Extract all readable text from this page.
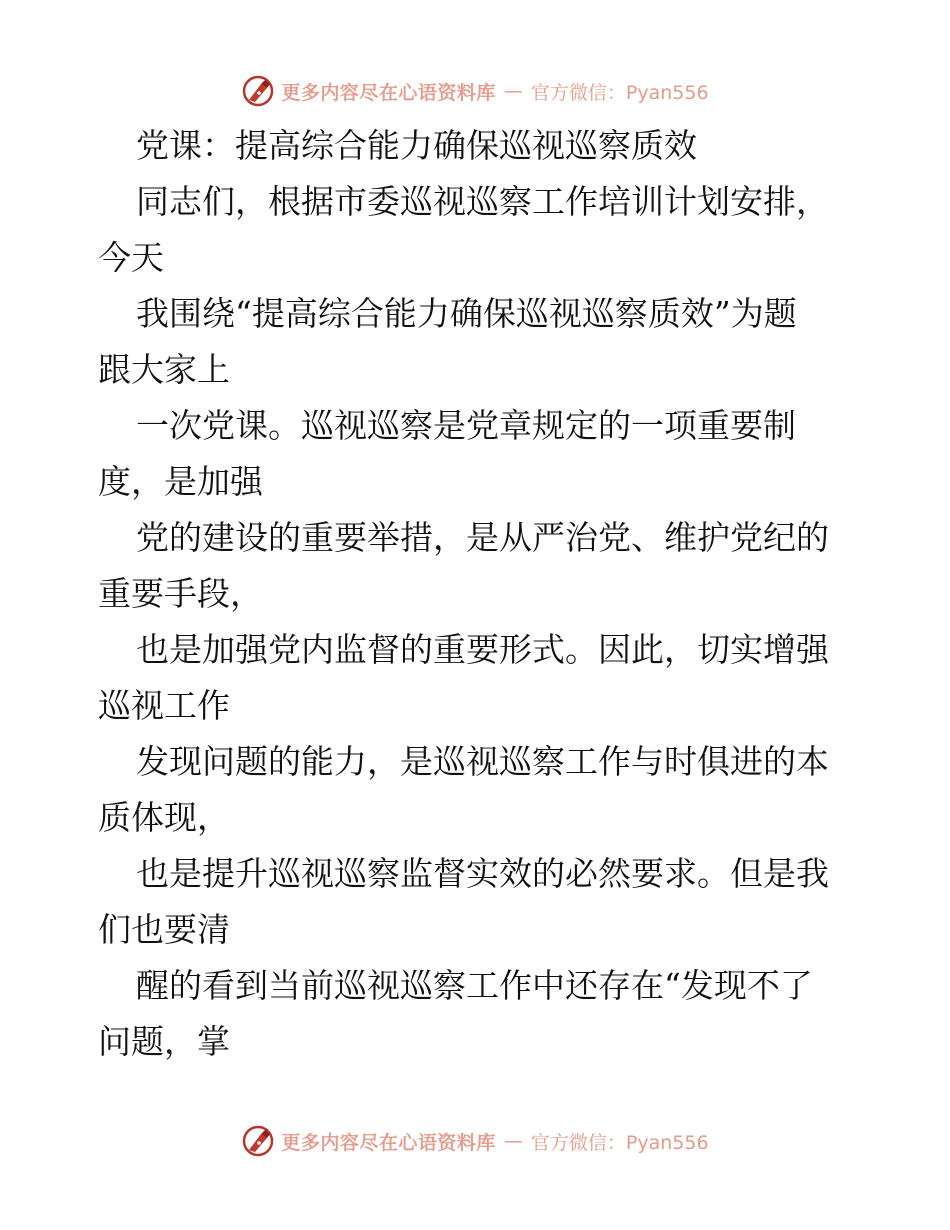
更多内容尽在心语资料库 — 官方微信：Pyan556
党课：提高综合能力确保巡视巡察质效
同志们，根据市委巡视巡察工作培训计划安排，
今天
我围绕“提高综合能力确保巡视巡察质效”为题
跟大家上
一次党课。巡视巡察是党章规定的一项重要制
度，是加强
党的建设的重要举措，是从严治党、维护党纪的
重要手段，
也是加强党内监督的重要形式。因此，切实增强
巡视工作
发现问题的能力，是巡视巡察工作与时俱进的本
质体现，
也是提升巡视巡察监督实效的必然要求。但是我
们也要清
醒的看到当前巡视巡察工作中还存在“发现不了
问题，掌
更多内容尽在心语资料库 — 官方微信：Pyan556
